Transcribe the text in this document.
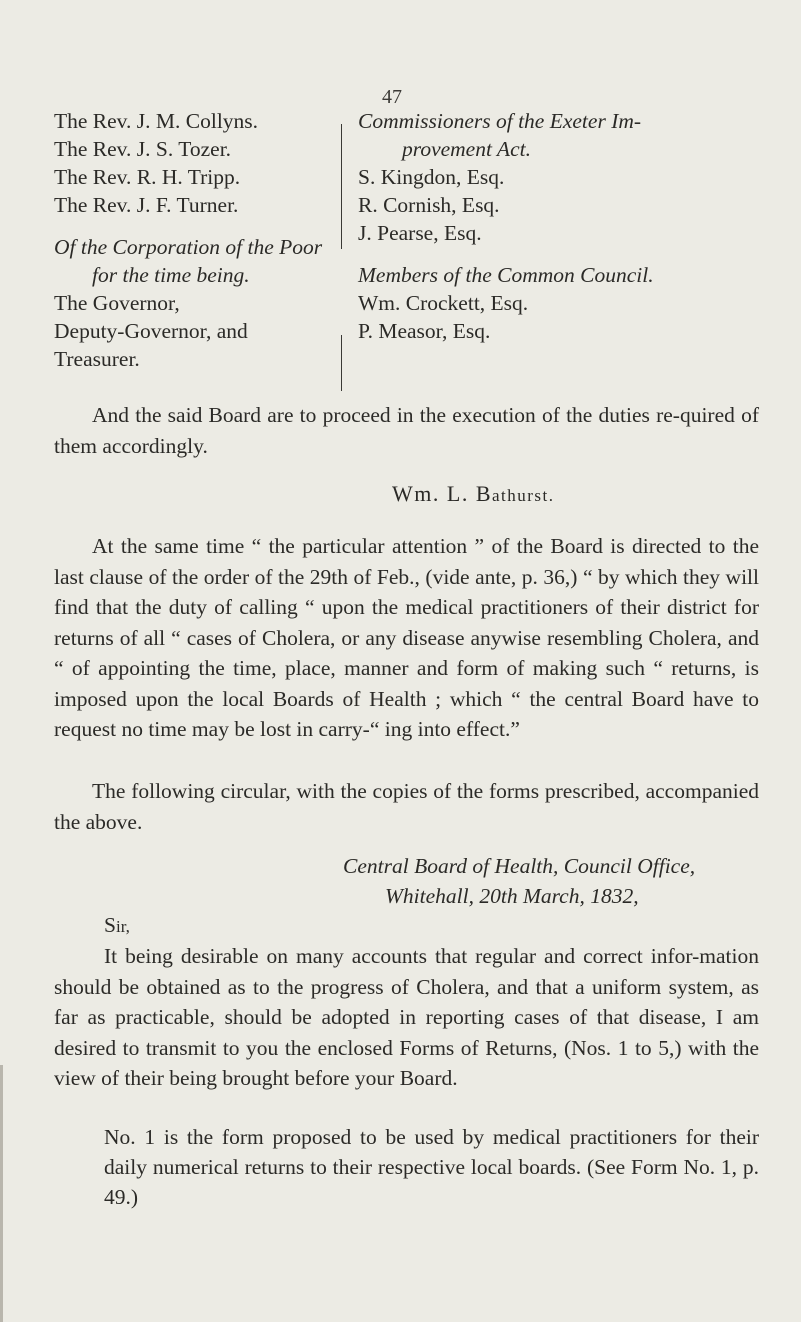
47
The Rev. J. M. Collyns.
The Rev. J. S. Tozer.
The Rev. R. H. Tripp.
The Rev. J. F. Turner.
Of the Corporation of the Poor
for the time being.
The Governor,
Deputy-Governor, and
Treasurer.
Commissioners of the Exeter Im-
provement Act.
S. Kingdon, Esq.
R. Cornish, Esq.
J. Pearse, Esq.
Members of the Common Council.
Wm. Crockett, Esq.
P. Measor, Esq.

And the said Board are to proceed in the execution of the duties re-quired of them accordingly.

Wm. L. Bathurst.

At the same time “ the particular attention ” of the Board is directed to the last clause of the order of the 29th of Feb., (vide ante, p. 36,) “ by which they will find that the duty of calling “ upon the medical practitioners of their district for returns of all “ cases of Cholera, or any disease anywise resembling Cholera, and “ of appointing the time, place, manner and form of making such “ returns, is imposed upon the local Boards of Health ; which “ the central Board have to request no time may be lost in carry-“ ing into effect.”

The following circular, with the copies of the forms prescribed, accompanied the above.

Central Board of Health, Council Office,
Whitehall, 20th March, 1832,
Sir,

It being desirable on many accounts that regular and correct infor-mation should be obtained as to the progress of Cholera, and that a uniform system, as far as practicable, should be adopted in reporting cases of that disease, I am desired to transmit to you the enclosed Forms of Returns, (Nos. 1 to 5,) with the view of their being brought before your Board.

No. 1 is the form proposed to be used by medical practitioners for their daily numerical returns to their respective local boards. (See Form No. 1, p. 49.)
